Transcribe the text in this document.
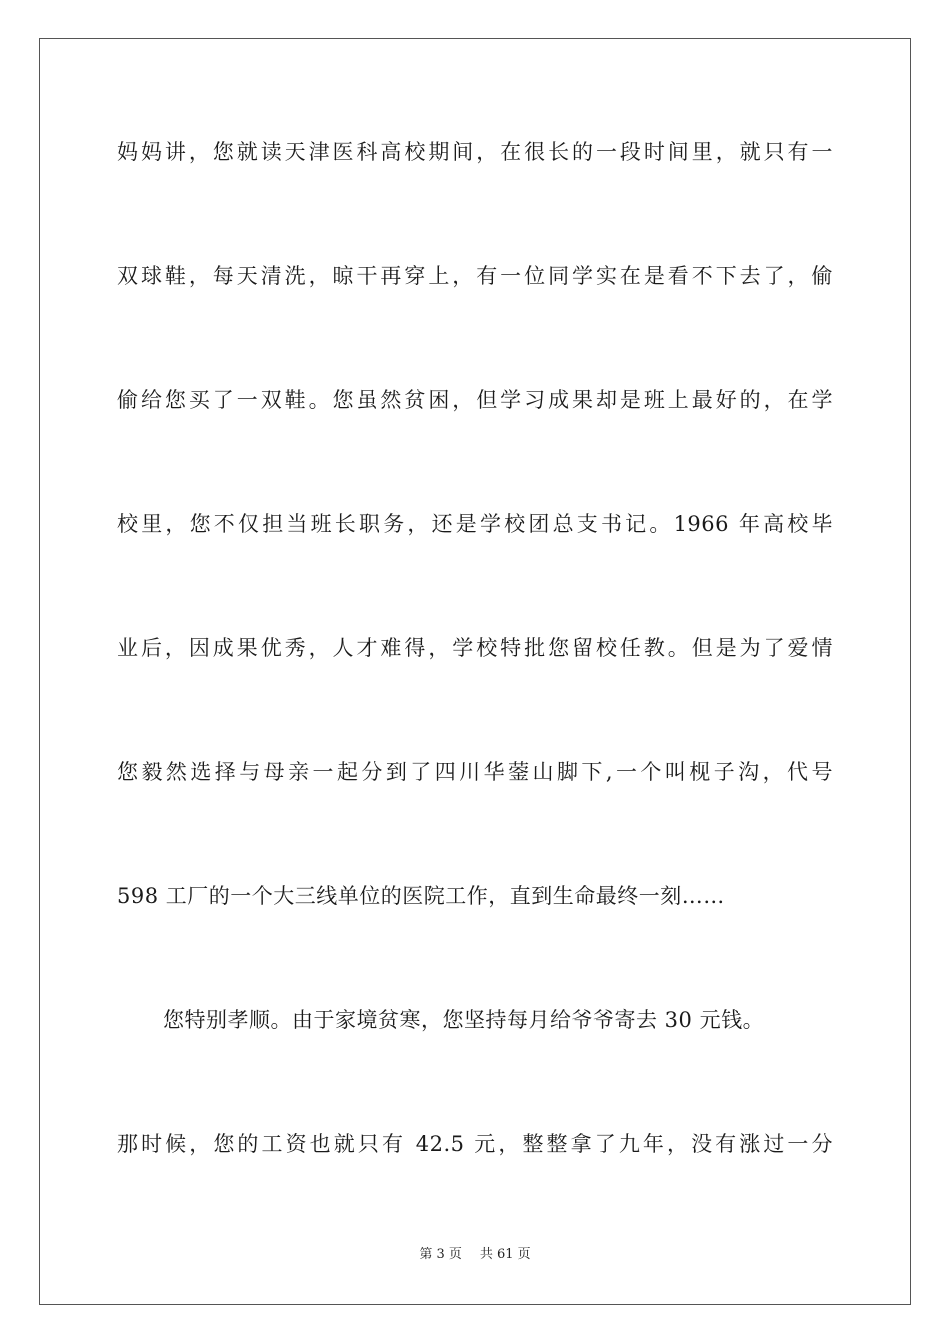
妈妈讲，您就读天津医科高校期间，在很长的一段时间里，就只有一
双球鞋，每天清洗，晾干再穿上，有一位同学实在是看不下去了，偷
偷给您买了一双鞋。您虽然贫困，但学习成果却是班上最好的，在学
校里，您不仅担当班长职务，还是学校团总支书记。1966 年高校毕
业后，因成果优秀，人才难得，学校特批您留校任教。但是为了爱情
您毅然选择与母亲一起分到了四川华蓥山脚下,一个叫枧子沟，代号
598 工厂的一个大三线单位的医院工作，直到生命最终一刻……
您特别孝顺。由于家境贫寒，您坚持每月给爷爷寄去 30 元钱。
那时候，您的工资也就只有 42.5 元，整整拿了九年，没有涨过一分
第 3 页 共 61 页
